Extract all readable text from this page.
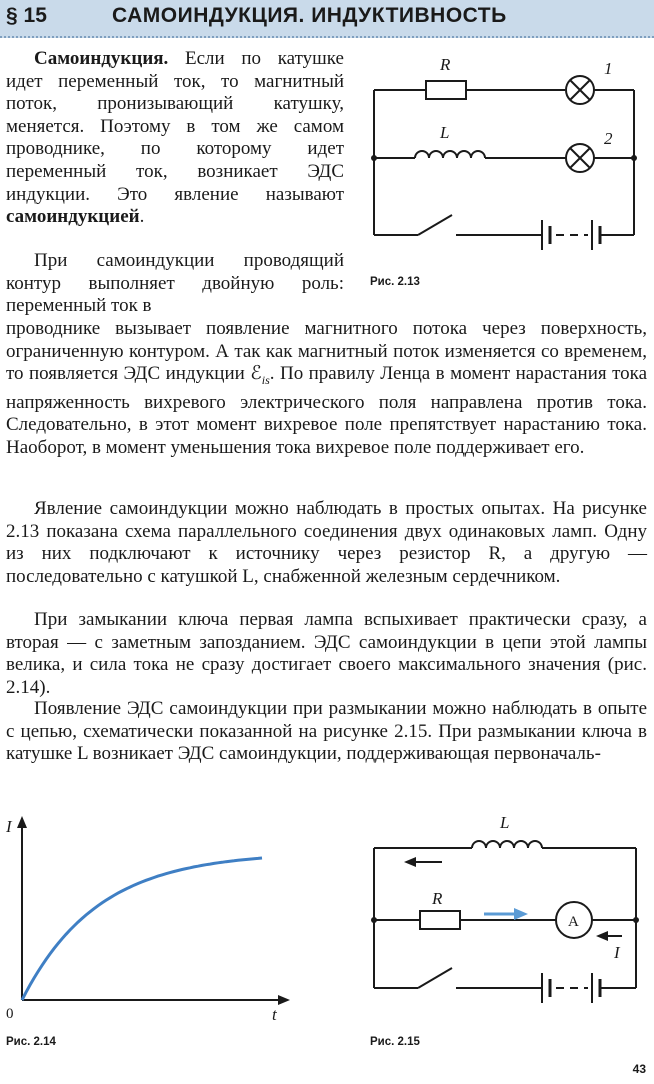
§ 15	САМОИНДУКЦИЯ. ИНДУКТИВНОСТЬ

Самоиндукция. Если по катушке идет переменный ток, то магнитный поток, пронизывающий катушку, меняется. Поэтому в том же самом проводнике, по которому идет переменный ток, возникает ЭДС индукции. Это явление называют самоиндукцией.

При самоиндукции проводящий контур выполняет двойную роль: переменный ток в

проводнике вызывает появление магнитного потока через поверхность, ограниченную контуром. А так как магнитный поток изменяется со временем, то появляется ЭДС индукции ℰ$_{is}$. По правилу Ленца в момент нарастания тока напряженность вихревого электрического поля направлена против тока. Следовательно, в этот момент вихревое поле препятствует нарастанию тока. Наоборот, в момент уменьшения тока вихревое поле поддерживает его.

Явление самоиндукции можно наблюдать в простых опытах. На рисунке 2.13 показана схема параллельного соединения двух одинаковых ламп. Одну из них подключают к источнику через резистор R, а другую — последовательно с катушкой L, снабженной железным сердечником.

При замыкании ключа первая лампа вспыхивает практически сразу, а вторая — с заметным запозданием. ЭДС самоиндукции в цепи этой лампы велика, и сила тока не сразу достигает своего максимального значения (рис. 2.14).

Появление ЭДС самоиндукции при размыкании можно наблюдать в опыте с цепью, схематически показанной на рисунке 2.15. При размыкании ключа в катушке L возникает ЭДС самоиндукции, поддерживающая первоначаль-

R
L
1
2
Рис. 2.13
I
t
0
Рис. 2.14
L
R
A
I
Рис. 2.15
43
